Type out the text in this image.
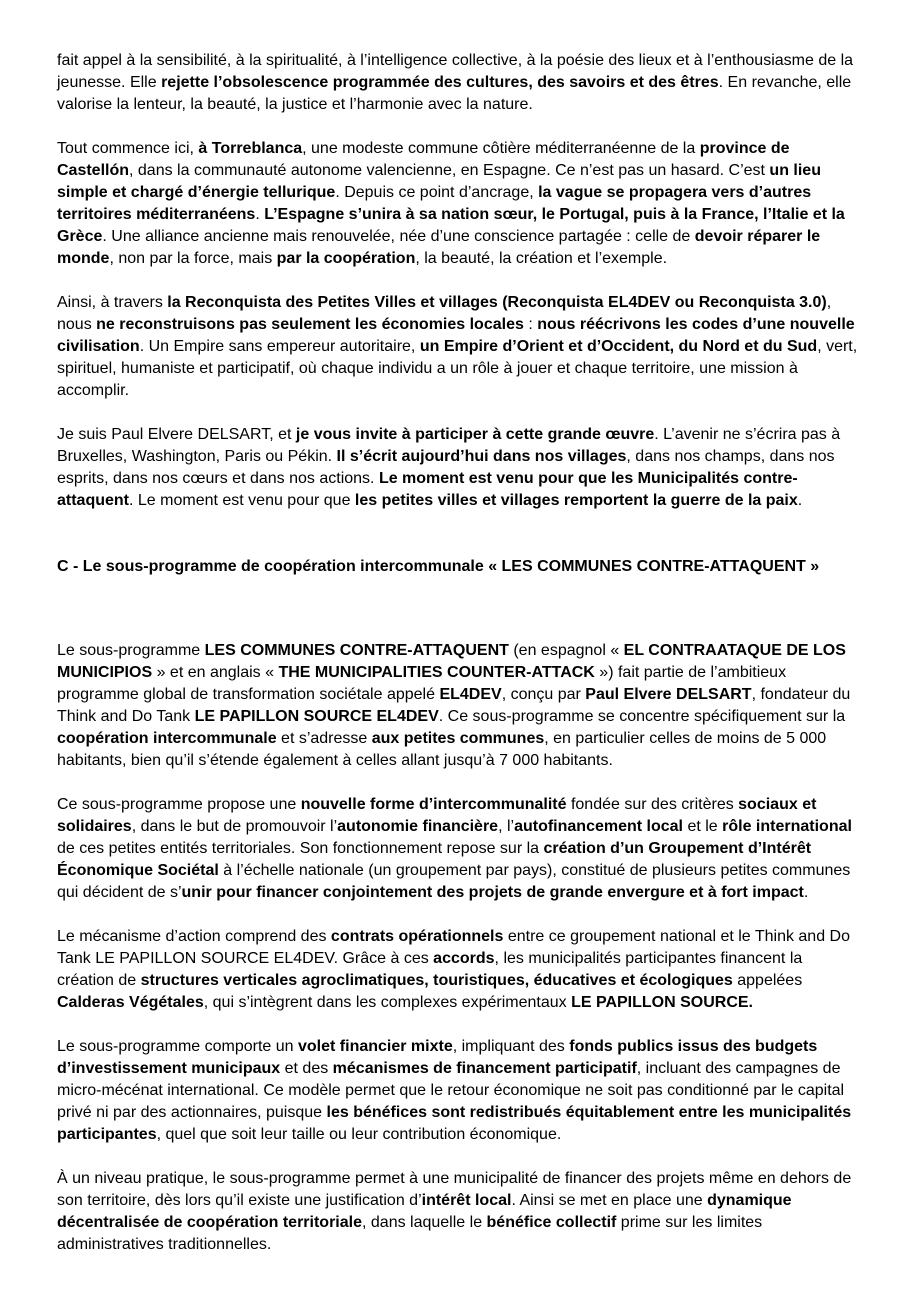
fait appel à la sensibilité, à la spiritualité, à l’intelligence collective, à la poésie des lieux et à l’enthousiasme de la jeunesse. Elle rejette l’obsolescence programmée des cultures, des savoirs et des êtres. En revanche, elle valorise la lenteur, la beauté, la justice et l’harmonie avec la nature.

Tout commence ici, à Torreblanca, une modeste commune côtière méditerranéenne de la province de Castellón, dans la communauté autonome valencienne, en Espagne. Ce n’est pas un hasard. C’est un lieu simple et chargé d’énergie tellurique. Depuis ce point d’ancrage, la vague se propagera vers d’autres territoires méditerranéens. L’Espagne s’unira à sa nation sœur, le Portugal, puis à la France, l’Italie et la Grèce. Une alliance ancienne mais renouvelée, née d’une conscience partagée : celle de devoir réparer le monde, non par la force, mais par la coopération, la beauté, la création et l’exemple.

Ainsi, à travers la Reconquista des Petites Villes et villages (Reconquista EL4DEV ou Reconquista 3.0), nous ne reconstruisons pas seulement les économies locales : nous réécrivons les codes d’une nouvelle civilisation. Un Empire sans empereur autoritaire, un Empire d’Orient et d’Occident, du Nord et du Sud, vert, spirituel, humaniste et participatif, où chaque individu a un rôle à jouer et chaque territoire, une mission à accomplir.

Je suis Paul Elvere DELSART, et je vous invite à participer à cette grande œuvre. L’avenir ne s’écrira pas à Bruxelles, Washington, Paris ou Pékin. Il s’écrit aujourd’hui dans nos villages, dans nos champs, dans nos esprits, dans nos cœurs et dans nos actions. Le moment est venu pour que les Municipalités contre-attaquent. Le moment est venu pour que les petites villes et villages remportent la guerre de la paix.

C - Le sous-programme de coopération intercommunale « LES COMMUNES CONTRE-ATTAQUENT »

Le sous-programme LES COMMUNES CONTRE-ATTAQUENT (en espagnol « EL CONTRAATAQUE DE LOS MUNICIPIOS » et en anglais « THE MUNICIPALITIES COUNTER-ATTACK ») fait partie de l’ambitieux programme global de transformation sociétale appelé EL4DEV, conçu par Paul Elvere DELSART, fondateur du Think and Do Tank LE PAPILLON SOURCE EL4DEV. Ce sous-programme se concentre spécifiquement sur la coopération intercommunale et s’adresse aux petites communes, en particulier celles de moins de 5 000 habitants, bien qu’il s’étende également à celles allant jusqu’à 7 000 habitants.

Ce sous-programme propose une nouvelle forme d’intercommunalité fondée sur des critères sociaux et solidaires, dans le but de promouvoir l’autonomie financière, l’autofinancement local et le rôle international de ces petites entités territoriales. Son fonctionnement repose sur la création d’un Groupement d’Intérêt Économique Sociétal à l’échelle nationale (un groupement par pays), constitué de plusieurs petites communes qui décident de s’unir pour financer conjointement des projets de grande envergure et à fort impact.

Le mécanisme d’action comprend des contrats opérationnels entre ce groupement national et le Think and Do Tank LE PAPILLON SOURCE EL4DEV. Grâce à ces accords, les municipalités participantes financent la création de structures verticales agroclimatiques, touristiques, éducatives et écologiques appelées Calderas Végétales, qui s’intègrent dans les complexes expérimentaux LE PAPILLON SOURCE.

Le sous-programme comporte un volet financier mixte, impliquant des fonds publics issus des budgets d’investissement municipaux et des mécanismes de financement participatif, incluant des campagnes de micro-mécénat international. Ce modèle permet que le retour économique ne soit pas conditionné par le capital privé ni par des actionnaires, puisque les bénéfices sont redistribués équitablement entre les municipalités participantes, quel que soit leur taille ou leur contribution économique.

À un niveau pratique, le sous-programme permet à une municipalité de financer des projets même en dehors de son territoire, dès lors qu’il existe une justification d’intérêt local. Ainsi se met en place une dynamique décentralisée de coopération territoriale, dans laquelle le bénéfice collectif prime sur les limites administratives traditionnelles.
